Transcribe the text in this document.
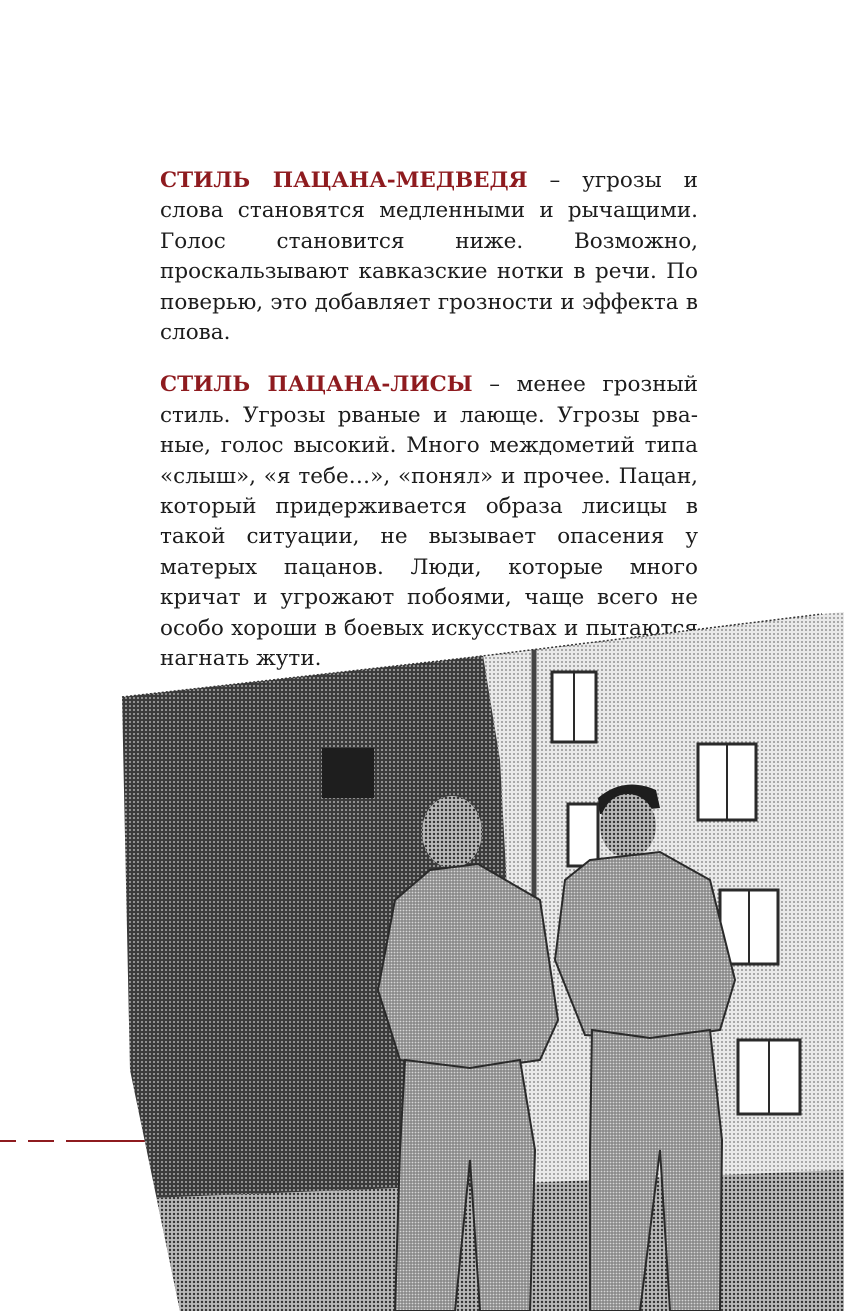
СТИЛЬ ПАЦАНА-МЕДВЕДЯ – угрозы и слова становятся медленными и рычащими. Голос становится ниже. Возможно, проскальзывают кавказские нотки в речи. По поверью, это добавляет грозности и эффекта в слова.

СТИЛЬ ПАЦАНА-ЛИСЫ – менее грозный стиль. Угрозы рваные и лающе. Угрозы рваные, голос высокий. Много междометий типа «слыш», «я тебе…», «понял» и прочее. Пацан, который придерживается образа лисицы в такой ситуации, не вызывает опасения у матерых пацанов. Люди, которые много кричат и угрожают побоями, чаще всего не особо хороши в боевых искусствах и пытаются нагнать жути.
